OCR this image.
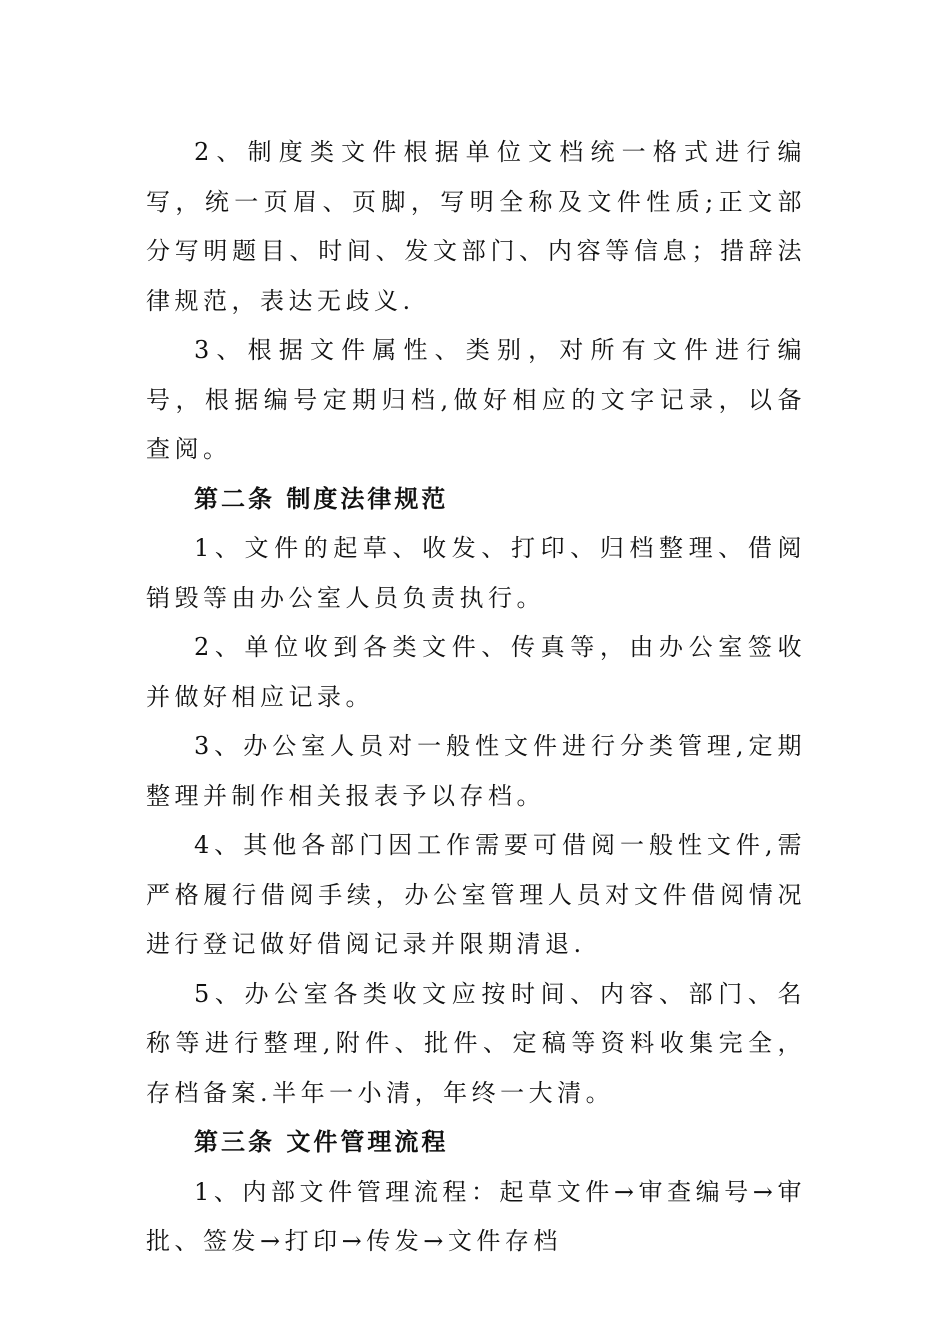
2、制度类文件根据单位文档统一格式进行编写，统一页眉、页脚，写明全称及文件性质;正文部分写明题目、时间、发文部门、内容等信息；措辞法律规范，表达无歧义.

3、根据文件属性、类别，对所有文件进行编号，根据编号定期归档,做好相应的文字记录，以备查阅。

第二条 制度法律规范

1、文件的起草、收发、打印、归档整理、借阅销毁等由办公室人员负责执行。

2、单位收到各类文件、传真等，由办公室签收并做好相应记录。

3、办公室人员对一般性文件进行分类管理,定期整理并制作相关报表予以存档。

4、其他各部门因工作需要可借阅一般性文件,需严格履行借阅手续，办公室管理人员对文件借阅情况进行登记做好借阅记录并限期清退.

5、办公室各类收文应按时间、内容、部门、名称等进行整理,附件、批件、定稿等资料收集完全，存档备案.半年一小清，年终一大清。

第三条 文件管理流程

1、内部文件管理流程：起草文件→审查编号→审批、签发→打印→传发→文件存档
